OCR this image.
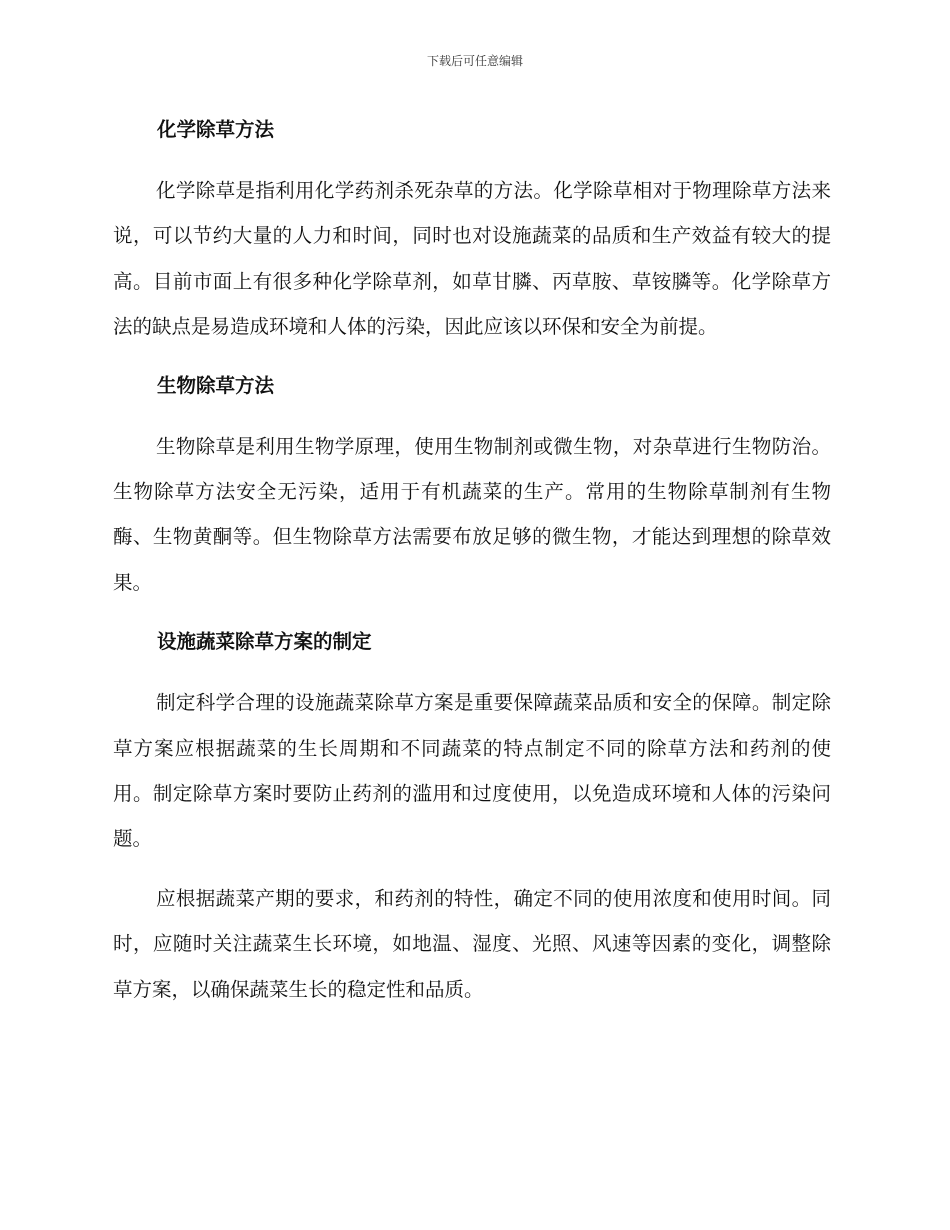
下载后可任意编辑
化学除草方法

化学除草是指利用化学药剂杀死杂草的方法。化学除草相对于物理除草方法来说，可以节约大量的人力和时间，同时也对设施蔬菜的品质和生产效益有较大的提高。目前市面上有很多种化学除草剂，如草甘膦、丙草胺、草铵膦等。化学除草方法的缺点是易造成环境和人体的污染，因此应该以环保和安全为前提。

生物除草方法

生物除草是利用生物学原理，使用生物制剂或微生物，对杂草进行生物防治。生物除草方法安全无污染，适用于有机蔬菜的生产。常用的生物除草制剂有生物酶、生物黄酮等。但生物除草方法需要布放足够的微生物，才能达到理想的除草效果。

设施蔬菜除草方案的制定

制定科学合理的设施蔬菜除草方案是重要保障蔬菜品质和安全的保障。制定除草方案应根据蔬菜的生长周期和不同蔬菜的特点制定不同的除草方法和药剂的使用。制定除草方案时要防止药剂的滥用和过度使用，以免造成环境和人体的污染问题。

应根据蔬菜产期的要求，和药剂的特性，确定不同的使用浓度和使用时间。同时，应随时关注蔬菜生长环境，如地温、湿度、光照、风速等因素的变化，调整除草方案，以确保蔬菜生长的稳定性和品质。
